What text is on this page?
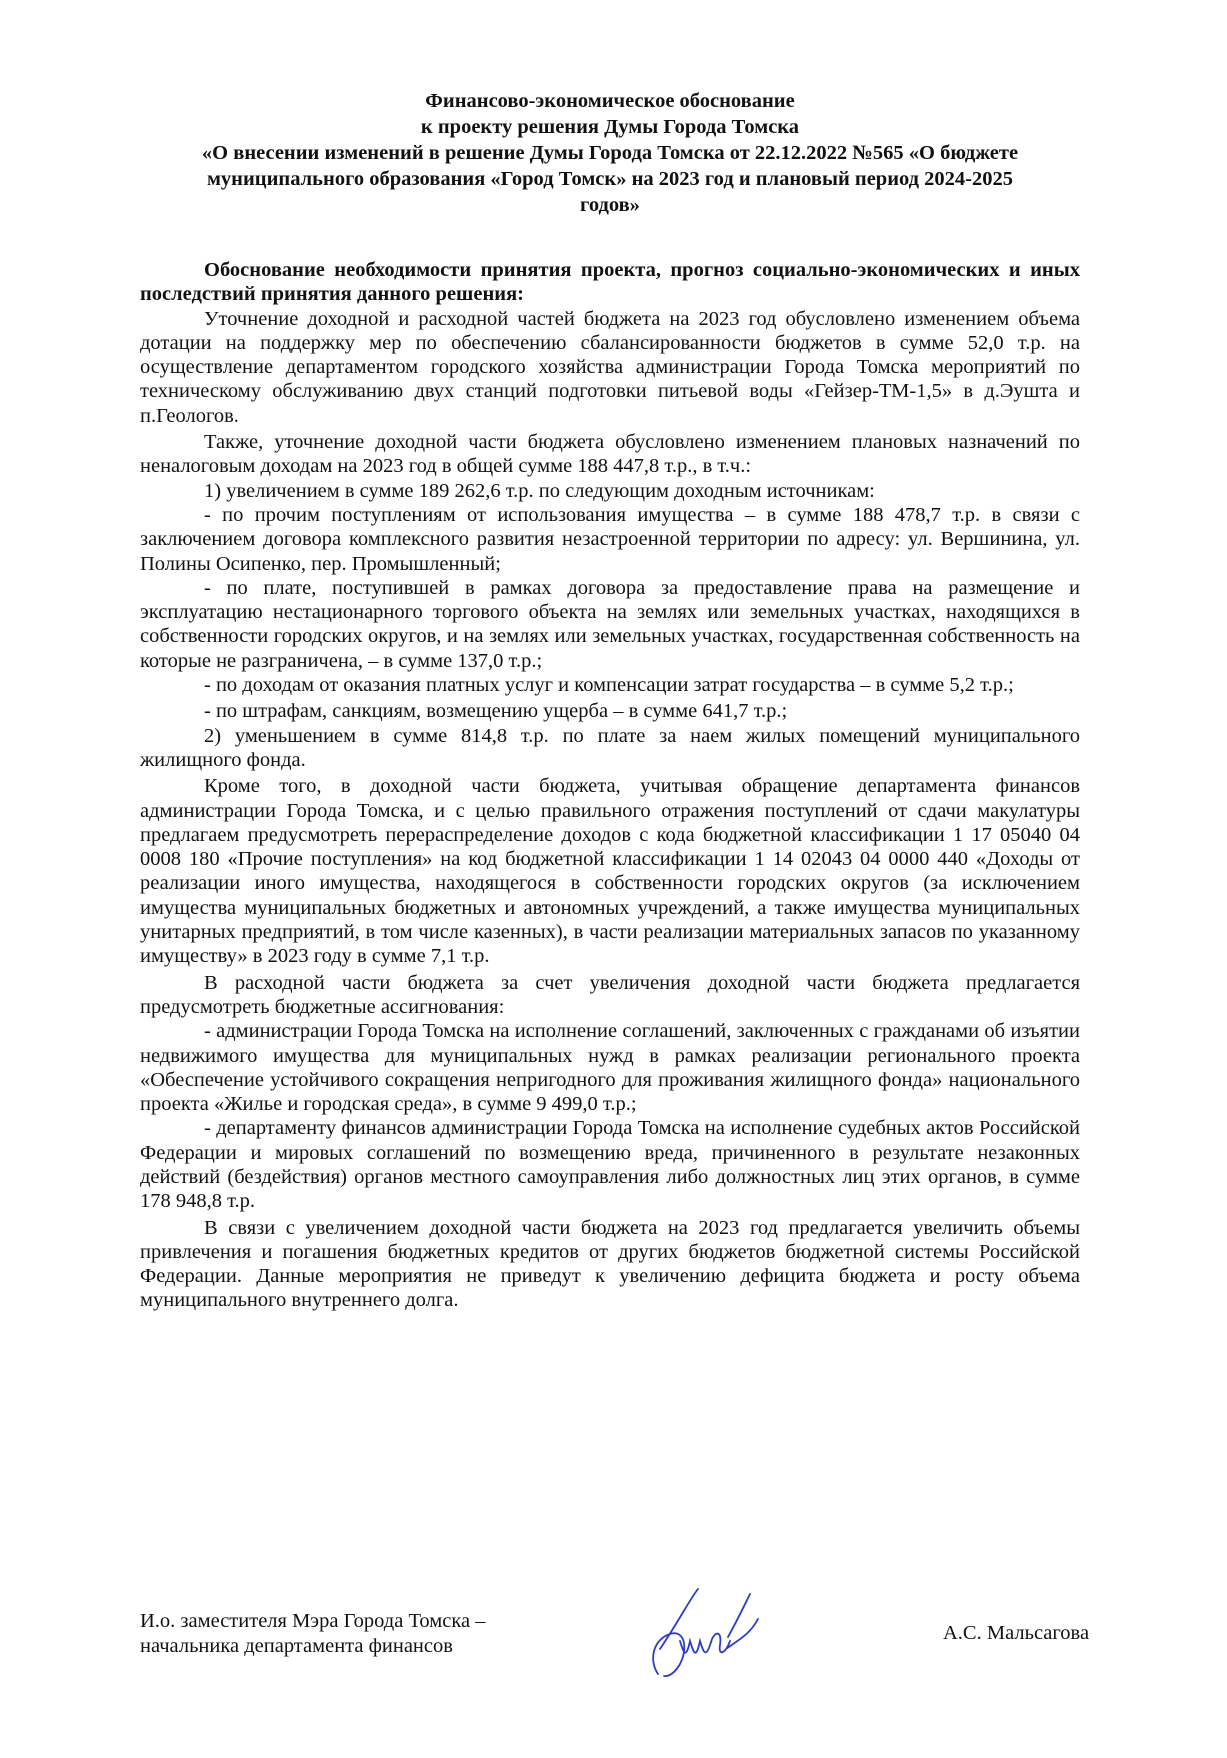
Финансово-экономическое обоснование
к проекту решения Думы Города Томска
«О внесении изменений в решение Думы Города Томска от 22.12.2022 №565 «О бюджете
муниципального образования «Город Томск» на 2023 год и плановый период 2024-2025
годов»

Обоснование необходимости принятия проекта, прогноз социально-экономических и иных последствий принятия данного решения:

Уточнение доходной и расходной частей бюджета на 2023 год обусловлено изменением объема дотации на поддержку мер по обеспечению сбалансированности бюджетов в сумме 52,0 т.р. на осуществление департаментом городского хозяйства администрации Города Томска мероприятий по техническому обслуживанию двух станций подготовки питьевой воды «Гейзер-ТМ-1,5» в д.Эушта и п.Геологов.

Также, уточнение доходной части бюджета обусловлено изменением плановых назначений по неналоговым доходам на 2023 год в общей сумме 188 447,8 т.р., в т.ч.:

1) увеличением в сумме 189 262,6 т.р. по следующим доходным источникам:

- по прочим поступлениям от использования имущества – в сумме 188 478,7 т.р. в связи с заключением договора комплексного развития незастроенной территории по адресу: ул. Вершинина, ул. Полины Осипенко, пер. Промышленный;

- по плате, поступившей в рамках договора за предоставление права на размещение и эксплуатацию нестационарного торгового объекта на землях или земельных участках, находящихся в собственности городских округов, и на землях или земельных участках, государственная собственность на которые не разграничена, – в сумме 137,0 т.р.;

- по доходам от оказания платных услуг и компенсации затрат государства – в сумме 5,2 т.р.;

- по штрафам, санкциям, возмещению ущерба – в сумме 641,7 т.р.;

2) уменьшением в сумме 814,8 т.р. по плате за наем жилых помещений муниципального жилищного фонда.

Кроме того, в доходной части бюджета, учитывая обращение департамента финансов администрации Города Томска, и с целью правильного отражения поступлений от сдачи макулатуры предлагаем предусмотреть перераспределение доходов с кода бюджетной классификации 1 17 05040 04 0008 180 «Прочие поступления» на код бюджетной классификации 1 14 02043 04 0000 440 «Доходы от реализации иного имущества, находящегося в собственности городских округов (за исключением имущества муниципальных бюджетных и автономных учреждений, а также имущества муниципальных унитарных предприятий, в том числе казенных), в части реализации материальных запасов по указанному имуществу» в 2023 году в сумме 7,1 т.р.

В расходной части бюджета за счет увеличения доходной части бюджета предлагается предусмотреть бюджетные ассигнования:

- администрации Города Томска на исполнение соглашений, заключенных с гражданами об изъятии недвижимого имущества для муниципальных нужд в рамках реализации регионального проекта «Обеспечение устойчивого сокращения непригодного для проживания жилищного фонда» национального проекта «Жилье и городская среда», в сумме 9 499,0 т.р.;

- департаменту финансов администрации Города Томска на исполнение судебных актов Российской Федерации и мировых соглашений по возмещению вреда, причиненного в результате незаконных действий (бездействия) органов местного самоуправления либо должностных лиц этих органов, в сумме 178 948,8 т.р.

В связи с увеличением доходной части бюджета на 2023 год предлагается увеличить объемы привлечения и погашения бюджетных кредитов от других бюджетов бюджетной системы Российской Федерации. Данные мероприятия не приведут к увеличению дефицита бюджета и росту объема муниципального внутреннего долга.

И.о. заместителя Мэра Города Томска –
начальника департамента финансов
А.С. Мальсагова
